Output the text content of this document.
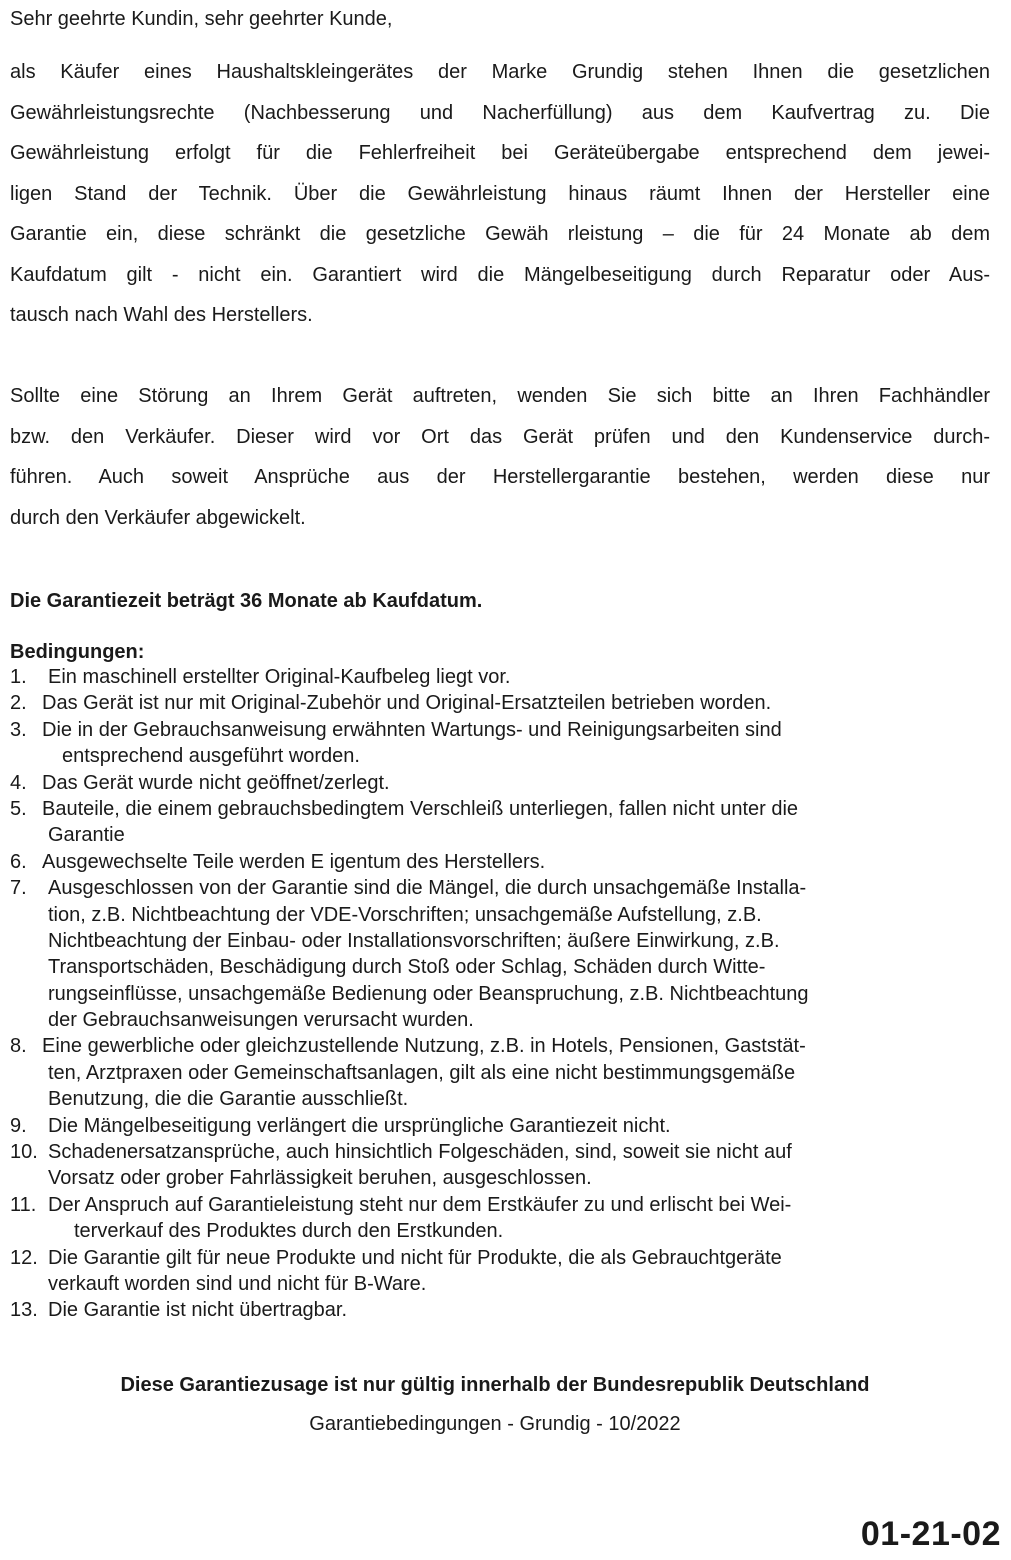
Sehr geehrte Kundin, sehr geehrter Kunde,
als Käufer eines Haushaltskleingerätes der Marke Grundig stehen Ihnen die gesetzlichen
Gewährleistungsrechte (Nachbesserung und Nacherfüllung) aus dem Kaufvertrag zu. Die
Gewährleistung erfolgt für die Fehlerfreiheit bei Geräteübergabe entsprechend dem jewei-
ligen Stand der Technik. Über die Gewährleistung hinaus räumt Ihnen der Hersteller eine
Garantie ein, diese schränkt die gesetzliche Gewäh rleistung – die für 24 Monate ab dem
Kaufdatum gilt - nicht ein. Garantiert wird die Mängelbeseitigung durch Reparatur oder Aus-
tausch nach Wahl des Herstellers.
Sollte eine Störung an Ihrem Gerät auftreten, wenden Sie sich bitte an Ihren Fachhändler
bzw. den Verkäufer. Dieser wird vor Ort das Gerät prüfen und den Kundenservice durch-
führen. Auch soweit Ansprüche aus der Herstellergarantie bestehen, werden diese nur
durch den Verkäufer abgewickelt.
Die Garantiezeit beträgt 36 Monate ab Kaufdatum.
Bedingungen:
1. Ein maschinell erstellter Original-Kaufbeleg liegt vor.
2. Das Gerät ist nur mit Original-Zubehör und Original-Ersatzteilen betrieben worden.
3. Die in der Gebrauchsanweisung erwähnten Wartungs- und Reinigungsarbeiten sind
entsprechend ausgeführt worden.
4. Das Gerät wurde nicht geöffnet/zerlegt.
5. Bauteile, die einem gebrauchsbedingtem Verschleiß unterliegen, fallen nicht unter die
Garantie
6. Ausgewechselte Teile werden E igentum des Herstellers.
7. Ausgeschlossen von der Garantie sind die Mängel, die durch unsachgemäße Installa-
tion, z.B. Nichtbeachtung der VDE-Vorschriften; unsachgemäße Aufstellung, z.B.
Nichtbeachtung der Einbau- oder Installationsvorschriften; äußere Einwirkung, z.B.
Transportschäden, Beschädigung durch Stoß oder Schlag, Schäden durch Witte-
rungseinflüsse, unsachgemäße Bedienung oder Beanspruchung, z.B. Nichtbeachtung
der Gebrauchsanweisungen verursacht wurden.
8. Eine gewerbliche oder gleichzustellende Nutzung, z.B. in Hotels, Pensionen, Gaststät-
ten, Arztpraxen oder Gemeinschaftsanlagen, gilt als eine nicht bestimmungsgemäße
Benutzung, die die Garantie ausschließt.
9. Die Mängelbeseitigung verlängert die ursprüngliche Garantiezeit nicht.
10. Schadenersatzansprüche, auch hinsichtlich Folgeschäden, sind, soweit sie nicht auf
Vorsatz oder grober Fahrlässigkeit beruhen, ausgeschlossen.
11. Der Anspruch auf Garantieleistung steht nur dem Erstkäufer zu und erlischt bei Wei-
terverkauf des Produktes durch den Erstkunden.
12. Die Garantie gilt für neue Produkte und nicht für Produkte, die als Gebrauchtgeräte
verkauft worden sind und nicht für B-Ware.
13. Die Garantie ist nicht übertragbar.
Diese Garantiezusage ist nur gültig innerhalb der Bundesrepublik Deutschland
Garantiebedingungen - Grundig - 10/2022
01-21-02
